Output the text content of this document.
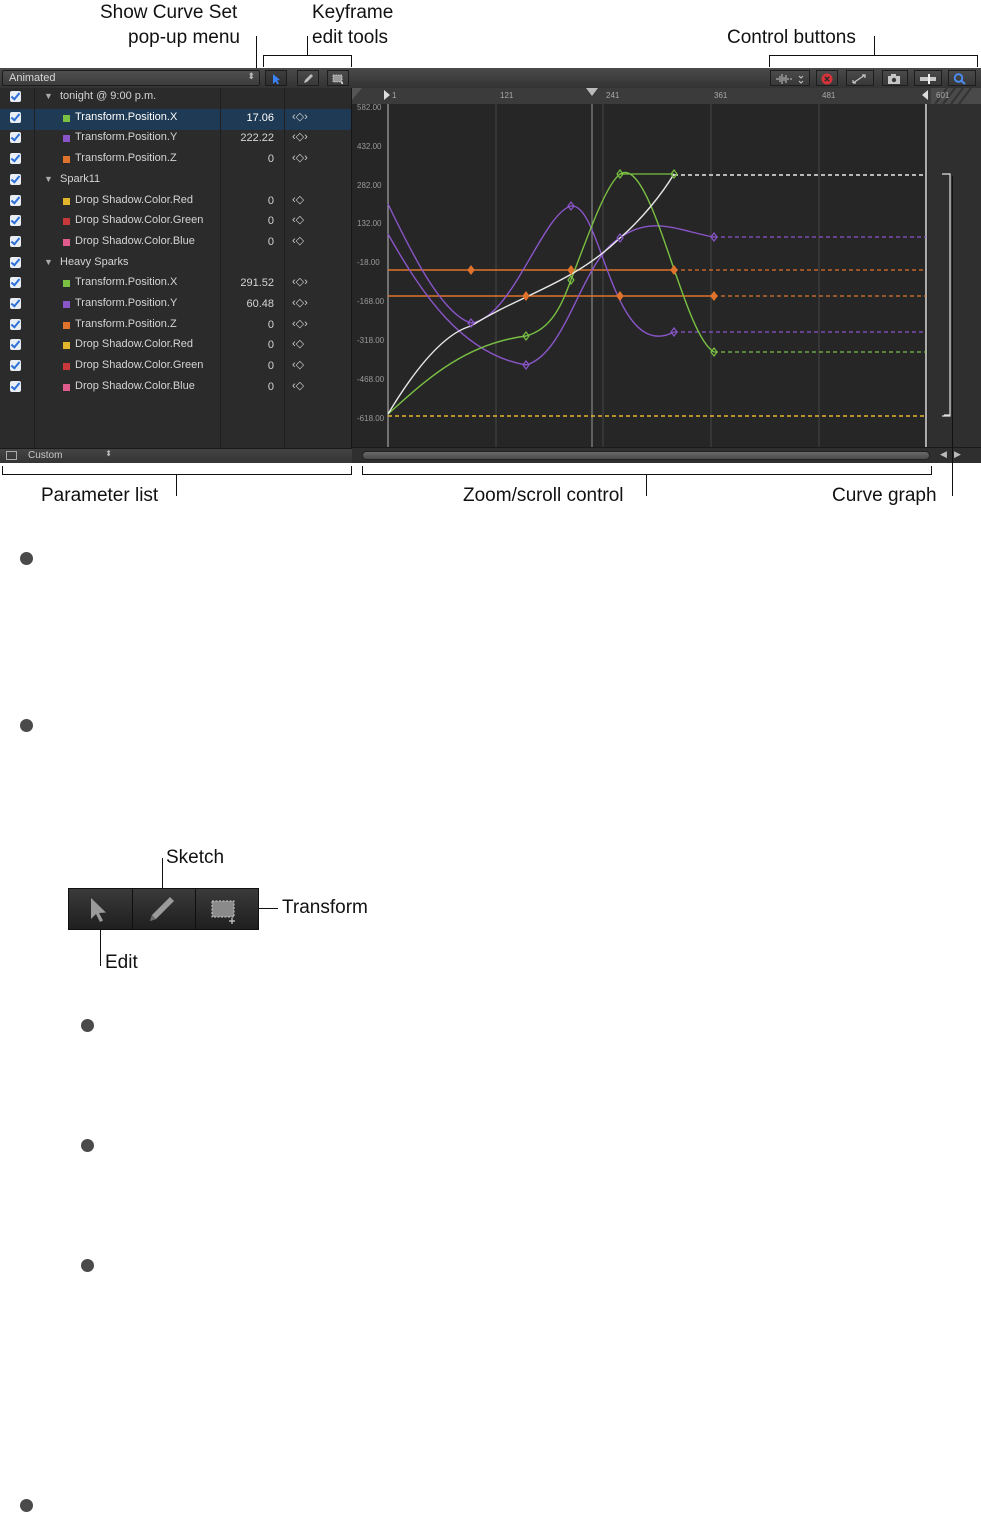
Show Curve Set
pop-up menu
Keyframe
edit tools	Control buttons
Animated	⬍
▼ tonight @ 9:00 p.m.
Transform.Position.X	17.06 ‹◇›
Transform.Position.Y	222.22 ‹◇›
Transform.Position.Z	0 ‹◇›
▼ Spark11
Drop Shadow.Color.Red	0 ‹◇
Drop Shadow.Color.Green	0 ‹◇
Drop Shadow.Color.Blue	0 ‹◇
▼ Heavy Sparks
Transform.Position.X	291.52 ‹◇›
Transform.Position.Y	60.48 ‹◇›
Transform.Position.Z	0 ‹◇›
Drop Shadow.Color.Red	0 ‹◇
Drop Shadow.Color.Green	0 ‹◇
Drop Shadow.Color.Blue	0 ‹◇
Custom	⬍
1	121	241	361	481	601
582.00
432.00
282.00
132.00
-18.00
-168.00
-318.00
-468.00
-618.00
◀ ▶
Parameter list	Zoom/scroll control	Curve graph
Sketch
Transform
Edit
